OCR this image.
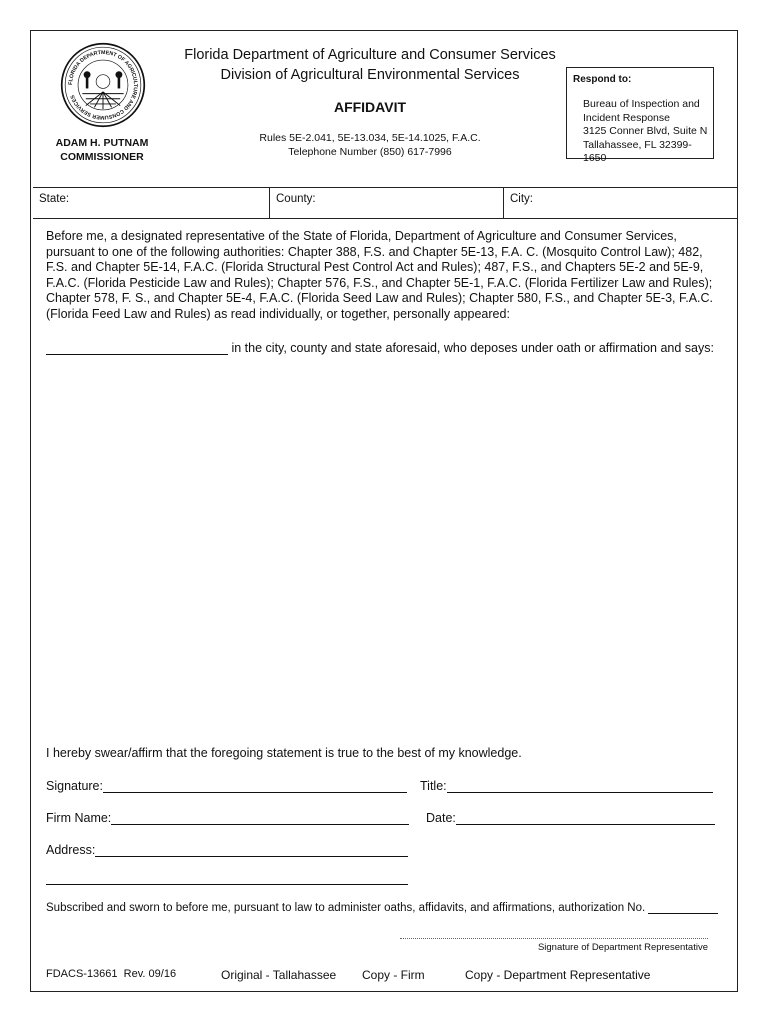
FLORIDA DEPARTMENT OF AGRICULTURE AND CONSUMER SERVICES
ADAM H. PUTNAM
COMMISSIONER
Florida Department of Agriculture and Consumer Services
Division of Agricultural Environmental Services
AFFIDAVIT
Rules 5E-2.041, 5E-13.034, 5E-14.1025, F.A.C.
Telephone Number (850) 617-7996
Respond to:
Bureau of Inspection and
Incident Response
3125 Conner Blvd, Suite N
Tallahassee, FL 32399-1650
State:	County:	City:
Before me, a designated representative of the State of Florida, Department of Agriculture and Consumer Services, pursuant to one of the following authorities: Chapter 388, F.S. and Chapter 5E-13, F.A. C. (Mosquito Control Law); 482, F.S. and Chapter 5E-14, F.A.C. (Florida Structural Pest Control Act and Rules); 487, F.S., and Chapters 5E-2 and 5E-9, F.A.C. (Florida Pesticide Law and Rules); Chapter 576, F.S., and Chapter 5E-1, F.A.C. (Florida Fertilizer Law and Rules); Chapter 578, F. S., and Chapter 5E-4, F.A.C. (Florida Seed Law and Rules); Chapter 580, F.S., and Chapter 5E-3, F.A.C. (Florida Feed Law and Rules) as read individually, or together, personally appeared:
in the city, county and state aforesaid, who deposes under oath or affirmation and says:
I hereby swear/affirm that the foregoing statement is true to the best of my knowledge.
Signature:	Title:
Firm Name:	Date:
Address:
Subscribed and sworn to before me, pursuant to law to administer oaths, affidavits, and affirmations, authorization No.
Signature of Department Representative
FDACS-13661 Rev. 09/16	Original - Tallahassee Copy - Firm	Copy - Department Representative
